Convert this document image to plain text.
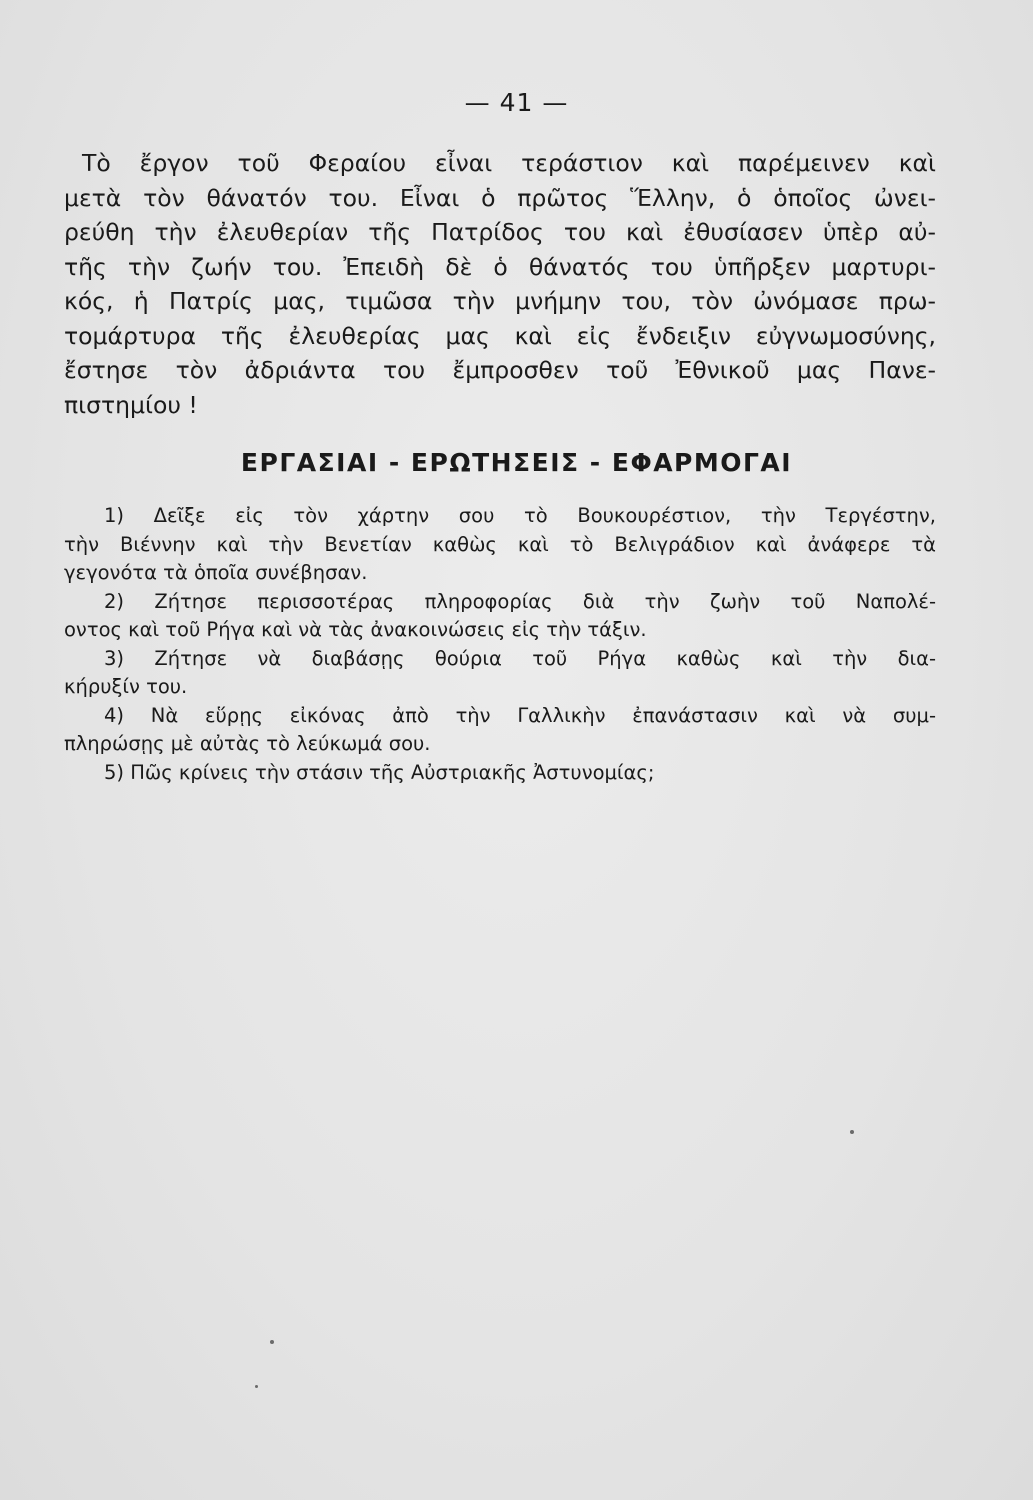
— 41 —
Τὸ ἔργον τοῦ Φεραίου εἶναι τεράστιον καὶ παρέμεινεν καὶ
μετὰ τὸν θάνατόν του. Εἶναι ὁ πρῶτος Ἕλλην, ὁ ὁποῖος ὠνει-
ρεύθη τὴν ἐλευθερίαν τῆς Πατρίδος του καὶ ἐθυσίασεν ὑπὲρ αὐ-
τῆς τὴν ζωήν του. Ἐπειδὴ δὲ ὁ θάνατός του ὑπῆρξεν μαρτυρι-
κός, ἡ Πατρίς μας, τιμῶσα τὴν μνήμην του, τὸν ὠνόμασε πρω-
τομάρτυρα τῆς ἐλευθερίας μας καὶ εἰς ἔνδειξιν εὐγνωμοσύνης,
ἔστησε τὸν ἀδριάντα του ἔμπροσθεν τοῦ Ἐθνικοῦ μας Πανε-
πιστημίου !
ΕΡΓΑΣΙΑΙ - ΕΡΩΤΗΣΕΙΣ - ΕΦΑΡΜΟΓΑΙ
1) Δεῖξε εἰς τὸν χάρτην σου τὸ Βουκουρέστιον, τὴν Τεργέστην,
τὴν Βιέννην καὶ τὴν Βενετίαν καθὼς καὶ τὸ Βελιγράδιον καὶ ἀνάφερε τὰ
γεγονότα τὰ ὁποῖα συνέβησαν.
2) Ζήτησε περισσοτέρας πληροφορίας διὰ τὴν ζωὴν τοῦ Ναπολέ-
οντος καὶ τοῦ Ρήγα καὶ νὰ τὰς ἀνακοινώσεις εἰς τὴν τάξιν.
3) Ζήτησε νὰ διαβάσῃς θούρια τοῦ Ρήγα καθὼς καὶ τὴν δια-
κήρυξίν του.
4) Νὰ εὕρῃς εἰκόνας ἀπὸ τὴν Γαλλικὴν ἐπανάστασιν καὶ νὰ συμ-
πληρώσῃς μὲ αὐτὰς τὸ λεύκωμά σου.
5) Πῶς κρίνεις τὴν στάσιν τῆς Αὐστριακῆς Ἀστυνομίας;
